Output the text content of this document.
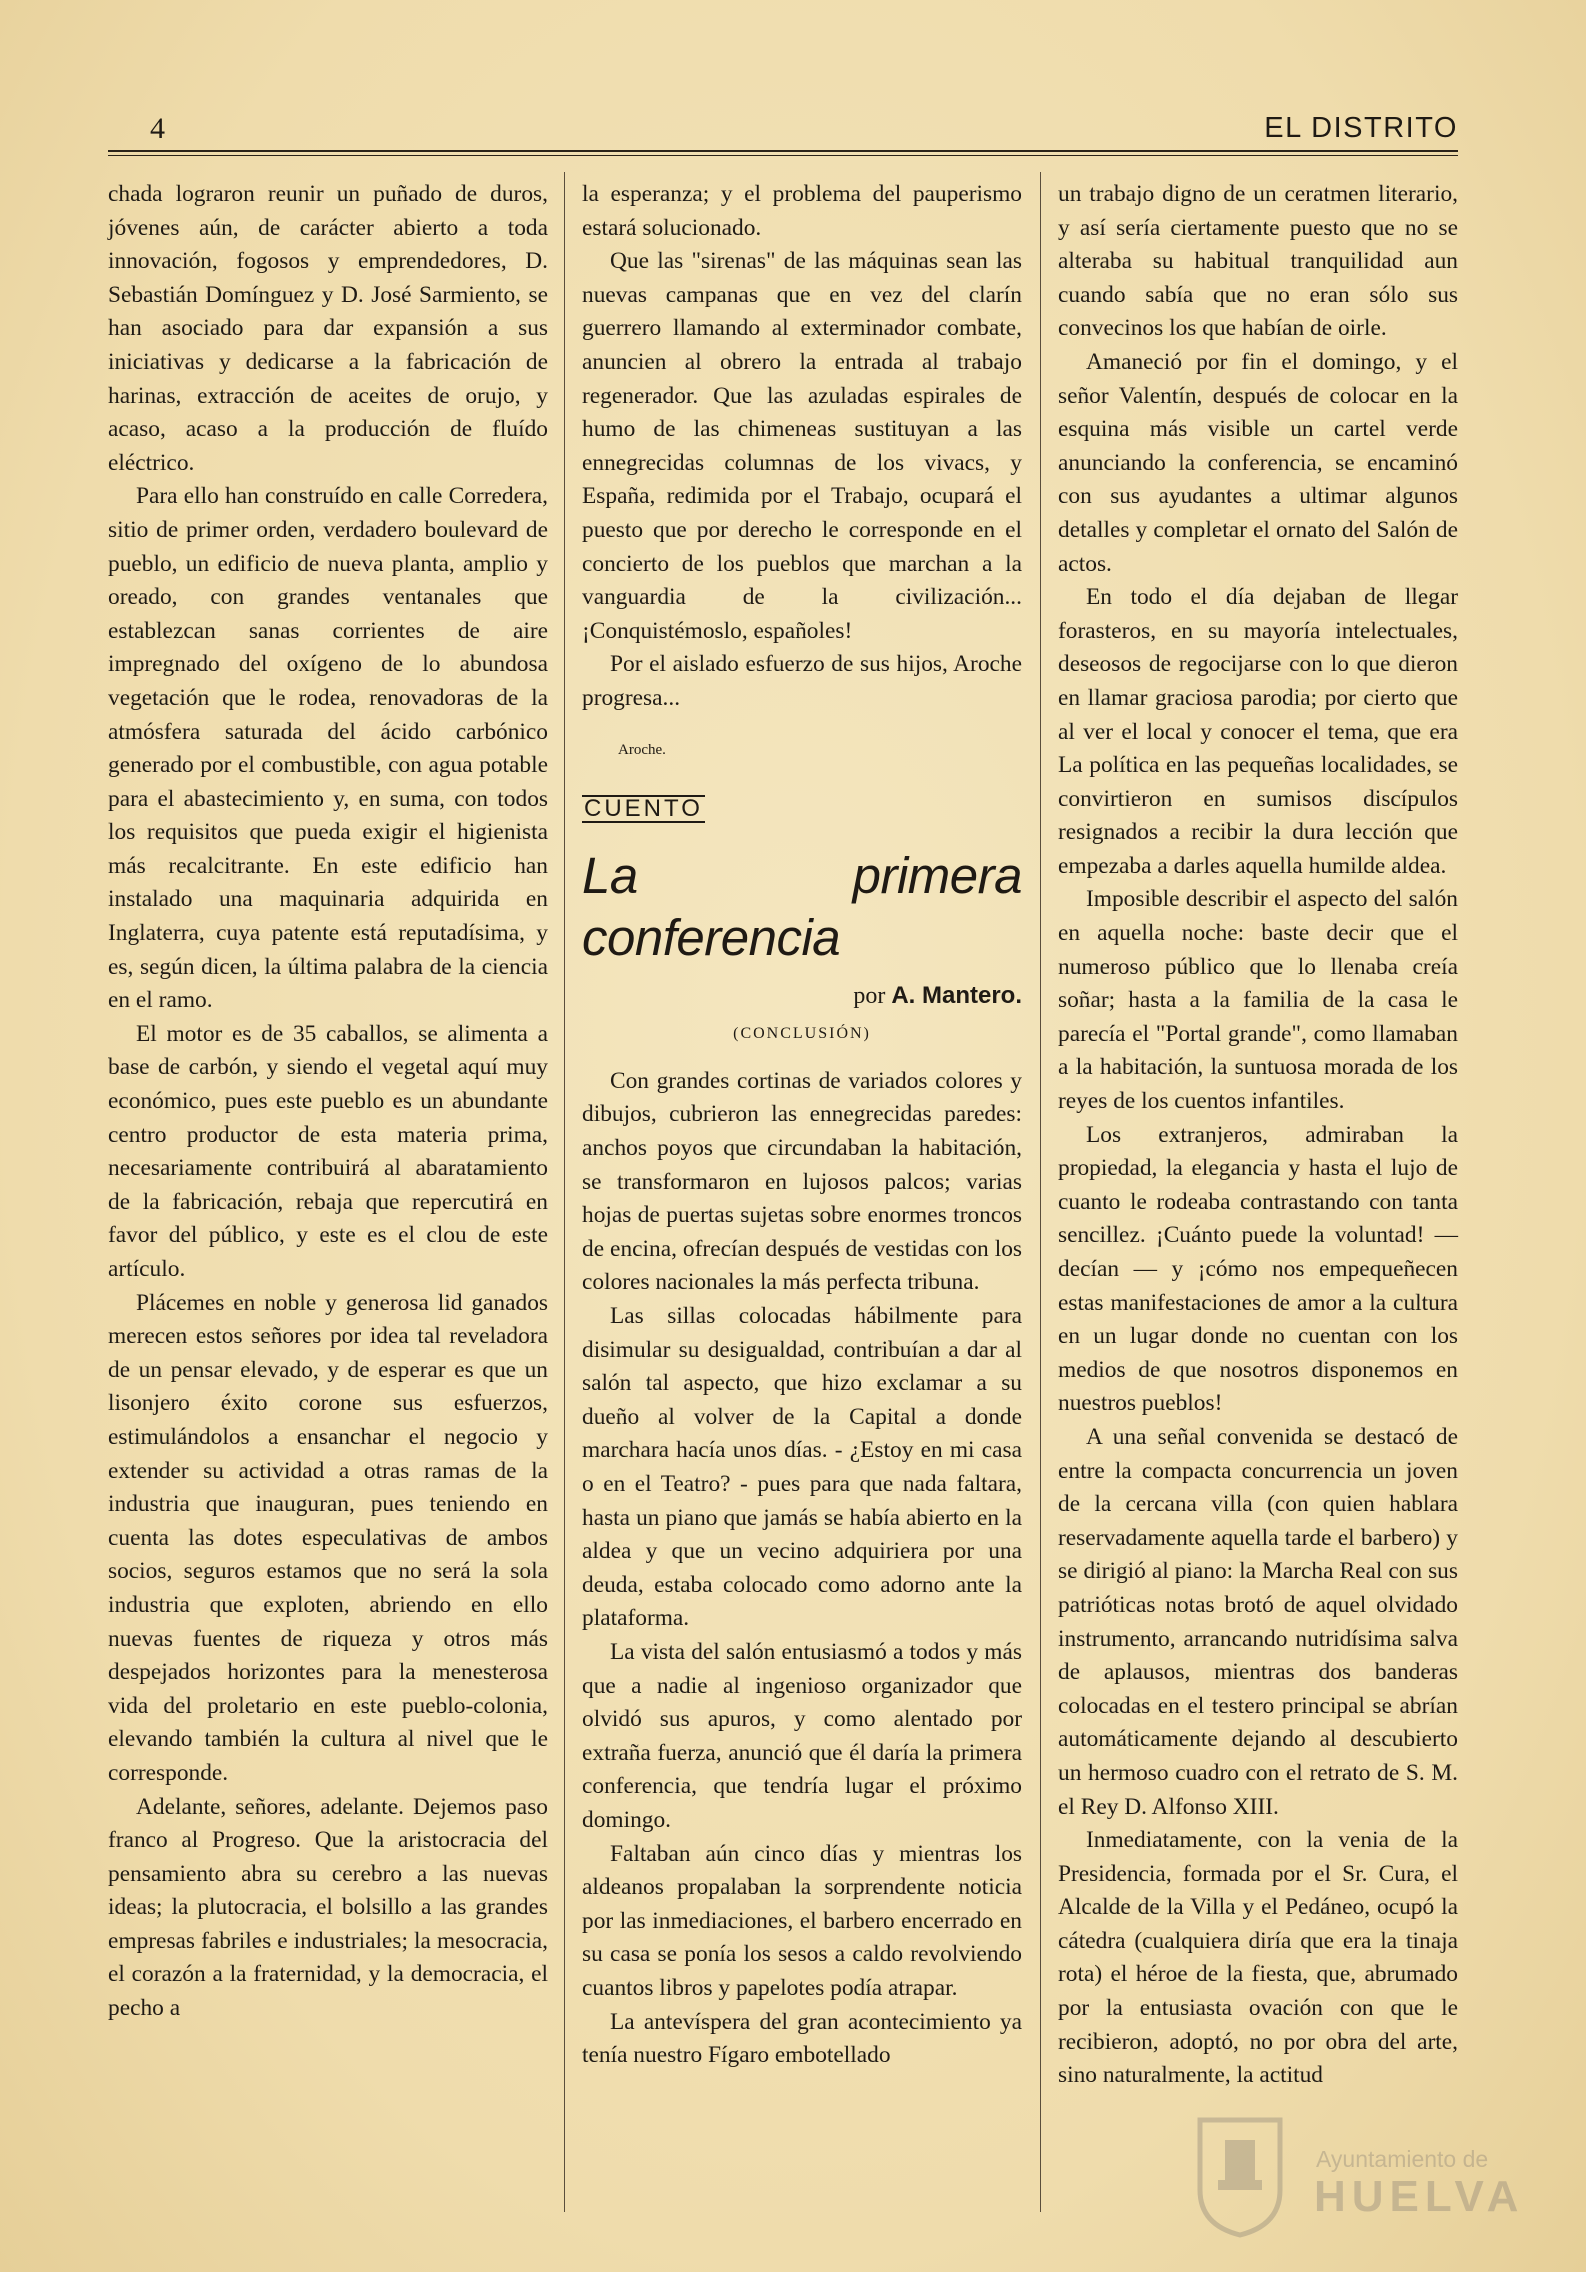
4	EL DISTRITO

chada lograron reunir un puñado de duros, jóvenes aún, de carácter abierto a toda innovación, fogosos y emprendedores, D. Sebastián Domínguez y D. José Sarmiento, se han asociado para dar expansión a sus iniciativas y dedicarse a la fabricación de harinas, extracción de aceites de orujo, y acaso, acaso a la producción de fluído eléctrico.

Para ello han construído en calle Corredera, sitio de primer orden, verdadero boulevard de pueblo, un edificio de nueva planta, amplio y oreado, con grandes ventanales que establezcan sanas corrientes de aire impregnado del oxígeno de lo abundosa vegetación que le rodea, renovadoras de la atmósfera saturada del ácido carbónico generado por el combustible, con agua potable para el abastecimiento y, en suma, con todos los requisitos que pueda exigir el higienista más recalcitrante. En este edificio han instalado una maquinaria adquirida en Inglaterra, cuya patente está reputadísima, y es, según dicen, la última palabra de la ciencia en el ramo.

El motor es de 35 caballos, se alimenta a base de carbón, y siendo el vegetal aquí muy económico, pues este pueblo es un abundante centro productor de esta materia prima, necesariamente contribuirá al abaratamiento de la fabricación, rebaja que repercutirá en favor del público, y este es el clou de este artículo.

Plácemes en noble y generosa lid ganados merecen estos señores por idea tal reveladora de un pensar elevado, y de esperar es que un lisonjero éxito corone sus esfuerzos, estimulándolos a ensanchar el negocio y extender su actividad a otras ramas de la industria que inauguran, pues teniendo en cuenta las dotes especulativas de ambos socios, seguros estamos que no será la sola industria que exploten, abriendo en ello nuevas fuentes de riqueza y otros más despejados horizontes para la menesterosa vida del proletario en este pueblo-colonia, elevando también la cultura al nivel que le corresponde.

Adelante, señores, adelante. Dejemos paso franco al Progreso. Que la aristocracia del pensamiento abra su cerebro a las nuevas ideas; la plutocracia, el bolsillo a las grandes empresas fabriles e industriales; la mesocracia, el corazón a la fraternidad, y la democracia, el pecho a

la esperanza; y el problema del pauperismo estará solucionado.

Que las "sirenas" de las máquinas sean las nuevas campanas que en vez del clarín guerrero llamando al exterminador combate, anuncien al obrero la entrada al trabajo regenerador. Que las azuladas espirales de humo de las chimeneas sustituyan a las ennegrecidas columnas de los vivacs, y España, redimida por el Trabajo, ocupará el puesto que por derecho le corresponde en el concierto de los pueblos que marchan a la vanguardia de la civilización... ¡Conquistémoslo, españoles!

Por el aislado esfuerzo de sus hijos, Aroche progresa...

Aroche.
CUENTO
La primera conferencia
por A. Mantero.
(CONCLUSIÓN)

Con grandes cortinas de variados colores y dibujos, cubrieron las ennegrecidas paredes: anchos poyos que circundaban la habitación, se transformaron en lujosos palcos; varias hojas de puertas sujetas sobre enormes troncos de encina, ofrecían después de vestidas con los colores nacionales la más perfecta tribuna.

Las sillas colocadas hábilmente para disimular su desigualdad, contribuían a dar al salón tal aspecto, que hizo exclamar a su dueño al volver de la Capital a donde marchara hacía unos días. - ¿Estoy en mi casa o en el Teatro? - pues para que nada faltara, hasta un piano que jamás se había abierto en la aldea y que un vecino adquiriera por una deuda, estaba colocado como adorno ante la plataforma.

La vista del salón entusiasmó a todos y más que a nadie al ingenioso organizador que olvidó sus apuros, y como alentado por extraña fuerza, anunció que él daría la primera conferencia, que tendría lugar el próximo domingo.

Faltaban aún cinco días y mientras los aldeanos propalaban la sorprendente noticia por las inmediaciones, el barbero encerrado en su casa se ponía los sesos a caldo revolviendo cuantos libros y papelotes podía atrapar.

La antevíspera del gran acontecimiento ya tenía nuestro Fígaro embotellado

un trabajo digno de un ceratmen literario, y así sería ciertamente puesto que no se alteraba su habitual tranquilidad aun cuando sabía que no eran sólo sus convecinos los que habían de oirle.

Amaneció por fin el domingo, y el señor Valentín, después de colocar en la esquina más visible un cartel verde anunciando la conferencia, se encaminó con sus ayudantes a ultimar algunos detalles y completar el ornato del Salón de actos.

En todo el día dejaban de llegar forasteros, en su mayoría intelectuales, deseosos de regocijarse con lo que dieron en llamar graciosa parodia; por cierto que al ver el local y conocer el tema, que era La política en las pequeñas localidades, se convirtieron en sumisos discípulos resignados a recibir la dura lección que empezaba a darles aquella humilde aldea.

Imposible describir el aspecto del salón en aquella noche: baste decir que el numeroso público que lo llenaba creía soñar; hasta a la familia de la casa le parecía el "Portal grande", como llamaban a la habitación, la suntuosa morada de los reyes de los cuentos infantiles.

Los extranjeros, admiraban la propiedad, la elegancia y hasta el lujo de cuanto le rodeaba contrastando con tanta sencillez. ¡Cuánto puede la voluntad! —decían — y ¡cómo nos empequeñecen estas manifestaciones de amor a la cultura en un lugar donde no cuentan con los medios de que nosotros disponemos en nuestros pueblos!

A una señal convenida se destacó de entre la compacta concurrencia un joven de la cercana villa (con quien hablara reservadamente aquella tarde el barbero) y se dirigió al piano: la Marcha Real con sus patrióticas notas brotó de aquel olvidado instrumento, arrancando nutridísima salva de aplausos, mientras dos banderas colocadas en el testero principal se abrían automáticamente dejando al descubierto un hermoso cuadro con el retrato de S. M. el Rey D. Alfonso XIII.

Inmediatamente, con la venia de la Presidencia, formada por el Sr. Cura, el Alcalde de la Villa y el Pedáneo, ocupó la cátedra (cualquiera diría que era la tinaja rota) el héroe de la fiesta, que, abrumado por la entusiasta ovación con que le recibieron, adoptó, no por obra del arte, sino naturalmente, la actitud

Ayuntamiento de
HUELVA
